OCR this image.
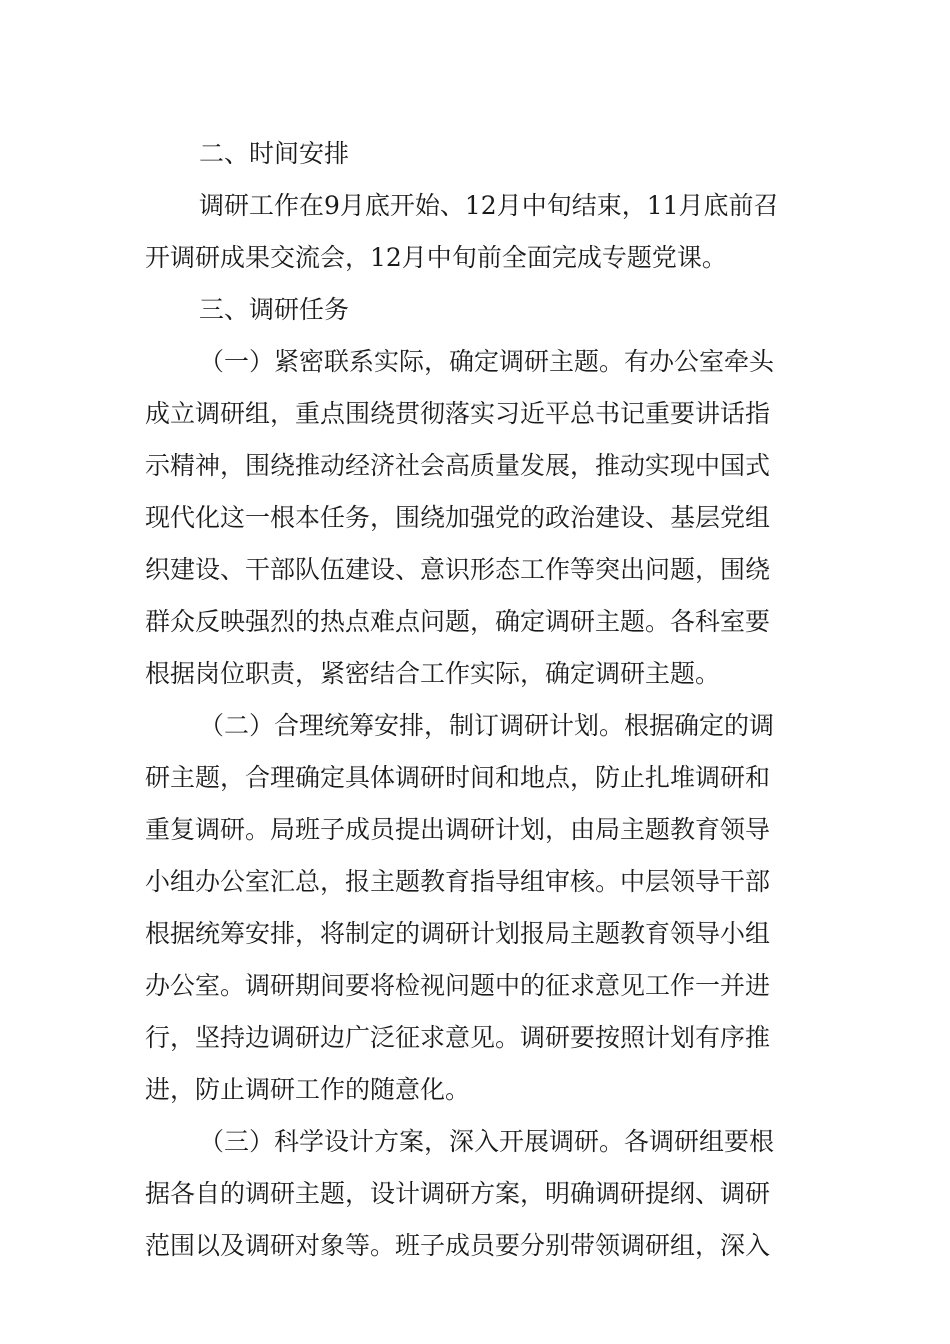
二、时间安排
调研工作在9月底开始、12月中旬结束，11月底前召
开调研成果交流会，12月中旬前全面完成专题党课。
三、调研任务
（一）紧密联系实际，确定调研主题。有办公室牵头
成立调研组，重点围绕贯彻落实习近平总书记重要讲话指
示精神，围绕推动经济社会高质量发展，推动实现中国式
现代化这一根本任务，围绕加强党的政治建设、基层党组
织建设、干部队伍建设、意识形态工作等突出问题，围绕
群众反映强烈的热点难点问题，确定调研主题。各科室要
根据岗位职责，紧密结合工作实际，确定调研主题。
（二）合理统筹安排，制订调研计划。根据确定的调
研主题，合理确定具体调研时间和地点，防止扎堆调研和
重复调研。局班子成员提出调研计划，由局主题教育领导
小组办公室汇总，报主题教育指导组审核。中层领导干部
根据统筹安排，将制定的调研计划报局主题教育领导小组
办公室。调研期间要将检视问题中的征求意见工作一并进
行，坚持边调研边广泛征求意见。调研要按照计划有序推
进，防止调研工作的随意化。
（三）科学设计方案，深入开展调研。各调研组要根
据各自的调研主题，设计调研方案，明确调研提纲、调研
范围以及调研对象等。班子成员要分别带领调研组，深入
